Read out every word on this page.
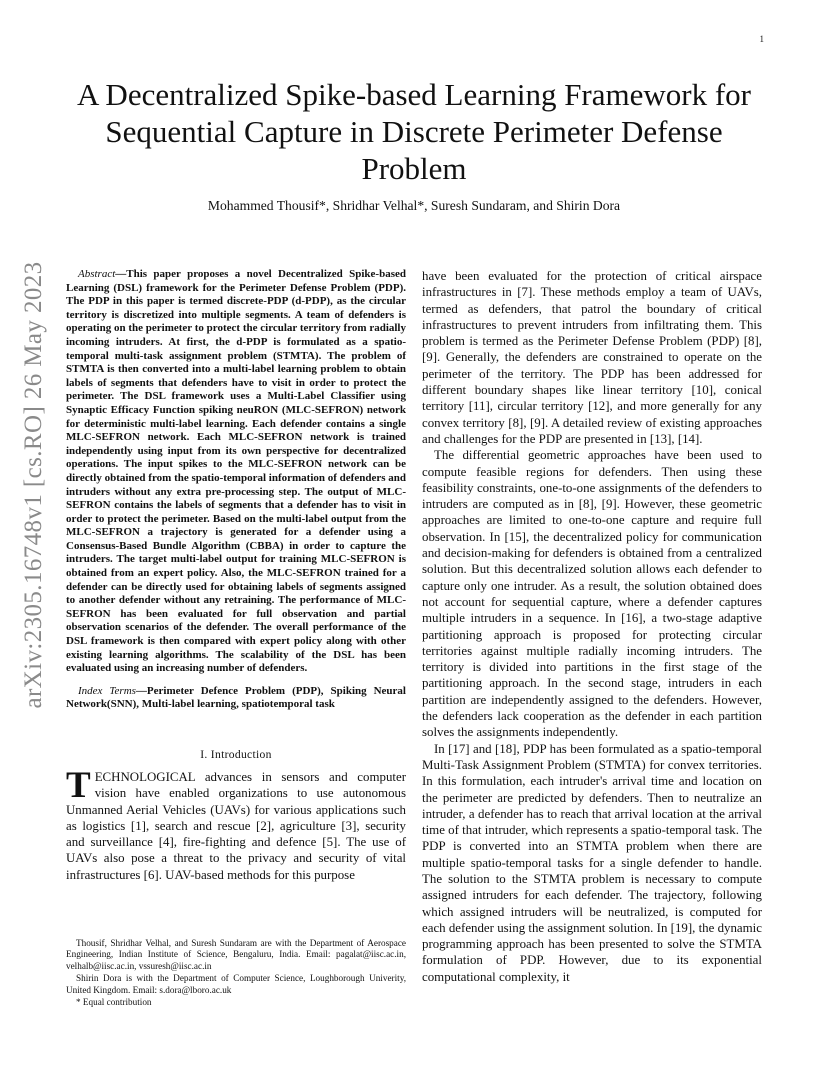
1
arXiv:2305.16748v1 [cs.RO] 26 May 2023
A Decentralized Spike-based Learning Framework for Sequential Capture in Discrete Perimeter Defense Problem
Mohammed Thousif*, Shridhar Velhal*, Suresh Sundaram, and Shirin Dora

Abstract—This paper proposes a novel Decentralized Spike-based Learning (DSL) framework for the Perimeter Defense Problem (PDP). The PDP in this paper is termed discrete-PDP (d-PDP), as the circular territory is discretized into multiple segments. A team of defenders is operating on the perimeter to protect the circular territory from radially incoming intruders. At first, the d-PDP is formulated as a spatio-temporal multi-task assignment problem (STMTA). The problem of STMTA is then converted into a multi-label learning problem to obtain labels of segments that defenders have to visit in order to protect the perimeter. The DSL framework uses a Multi-Label Classifier using Synaptic Efficacy Function spiking neuRON (MLC-SEFRON) network for deterministic multi-label learning. Each defender contains a single MLC-SEFRON network. Each MLC-SEFRON network is trained independently using input from its own perspective for decentralized operations. The input spikes to the MLC-SEFRON network can be directly obtained from the spatio-temporal information of defenders and intruders without any extra pre-processing step. The output of MLC-SEFRON contains the labels of segments that a defender has to visit in order to protect the perimeter. Based on the multi-label output from the MLC-SEFRON a trajectory is generated for a defender using a Consensus-Based Bundle Algorithm (CBBA) in order to capture the intruders. The target multi-label output for training MLC-SEFRON is obtained from an expert policy. Also, the MLC-SEFRON trained for a defender can be directly used for obtaining labels of segments assigned to another defender without any retraining. The performance of MLC-SEFRON has been evaluated for full observation and partial observation scenarios of the defender. The overall performance of the DSL framework is then compared with expert policy along with other existing learning algorithms. The scalability of the DSL has been evaluated using an increasing number of defenders.

Index Terms—Perimeter Defence Problem (PDP), Spiking Neural Network(SNN), Multi-label learning, spatiotemporal task

I. Introduction

TECHNOLOGICAL advances in sensors and computer vision have enabled organizations to use autonomous Unmanned Aerial Vehicles (UAVs) for various applications such as logistics [1], search and rescue [2], agriculture [3], security and surveillance [4], fire-fighting and defence [5]. The use of UAVs also pose a threat to the privacy and security of vital infrastructures [6]. UAV-based methods for this purpose

Thousif, Shridhar Velhal, and Suresh Sundaram are with the Department of Aerospace Engineering, Indian Institute of Science, Bengaluru, India. Email: pagalat@iisc.ac.in, velhalb@iisc.ac.in, vssuresh@iisc.ac.in

Shirin Dora is with the Department of Computer Science, Loughborough Univerity, United Kingdom. Email: s.dora@lboro.ac.uk

* Equal contribution

have been evaluated for the protection of critical airspace infrastructures in [7]. These methods employ a team of UAVs, termed as defenders, that patrol the boundary of critical infrastructures to prevent intruders from infiltrating them. This problem is termed as the Perimeter Defense Problem (PDP) [8], [9]. Generally, the defenders are constrained to operate on the perimeter of the territory. The PDP has been addressed for different boundary shapes like linear territory [10], conical territory [11], circular territory [12], and more generally for any convex territory [8], [9]. A detailed review of existing approaches and challenges for the PDP are presented in [13], [14].

The differential geometric approaches have been used to compute feasible regions for defenders. Then using these feasibility constraints, one-to-one assignments of the defenders to intruders are computed as in [8], [9]. However, these geometric approaches are limited to one-to-one capture and require full observation. In [15], the decentralized policy for communication and decision-making for defenders is obtained from a centralized solution. But this decentralized solution allows each defender to capture only one intruder. As a result, the solution obtained does not account for sequential capture, where a defender captures multiple intruders in a sequence. In [16], a two-stage adaptive partitioning approach is proposed for protecting circular territories against multiple radially incoming intruders. The territory is divided into partitions in the first stage of the partitioning approach. In the second stage, intruders in each partition are independently assigned to the defenders. However, the defenders lack cooperation as the defender in each partition solves the assignments independently.

In [17] and [18], PDP has been formulated as a spatio-temporal Multi-Task Assignment Problem (STMTA) for convex territories. In this formulation, each intruder's arrival time and location on the perimeter are predicted by defenders. Then to neutralize an intruder, a defender has to reach that arrival location at the arrival time of that intruder, which represents a spatio-temporal task. The PDP is converted into an STMTA problem when there are multiple spatio-temporal tasks for a single defender to handle. The solution to the STMTA problem is necessary to compute assigned intruders for each defender. The trajectory, following which assigned intruders will be neutralized, is computed for each defender using the assignment solution. In [19], the dynamic programming approach has been presented to solve the STMTA formulation of PDP. However, due to its exponential computational complexity, it
